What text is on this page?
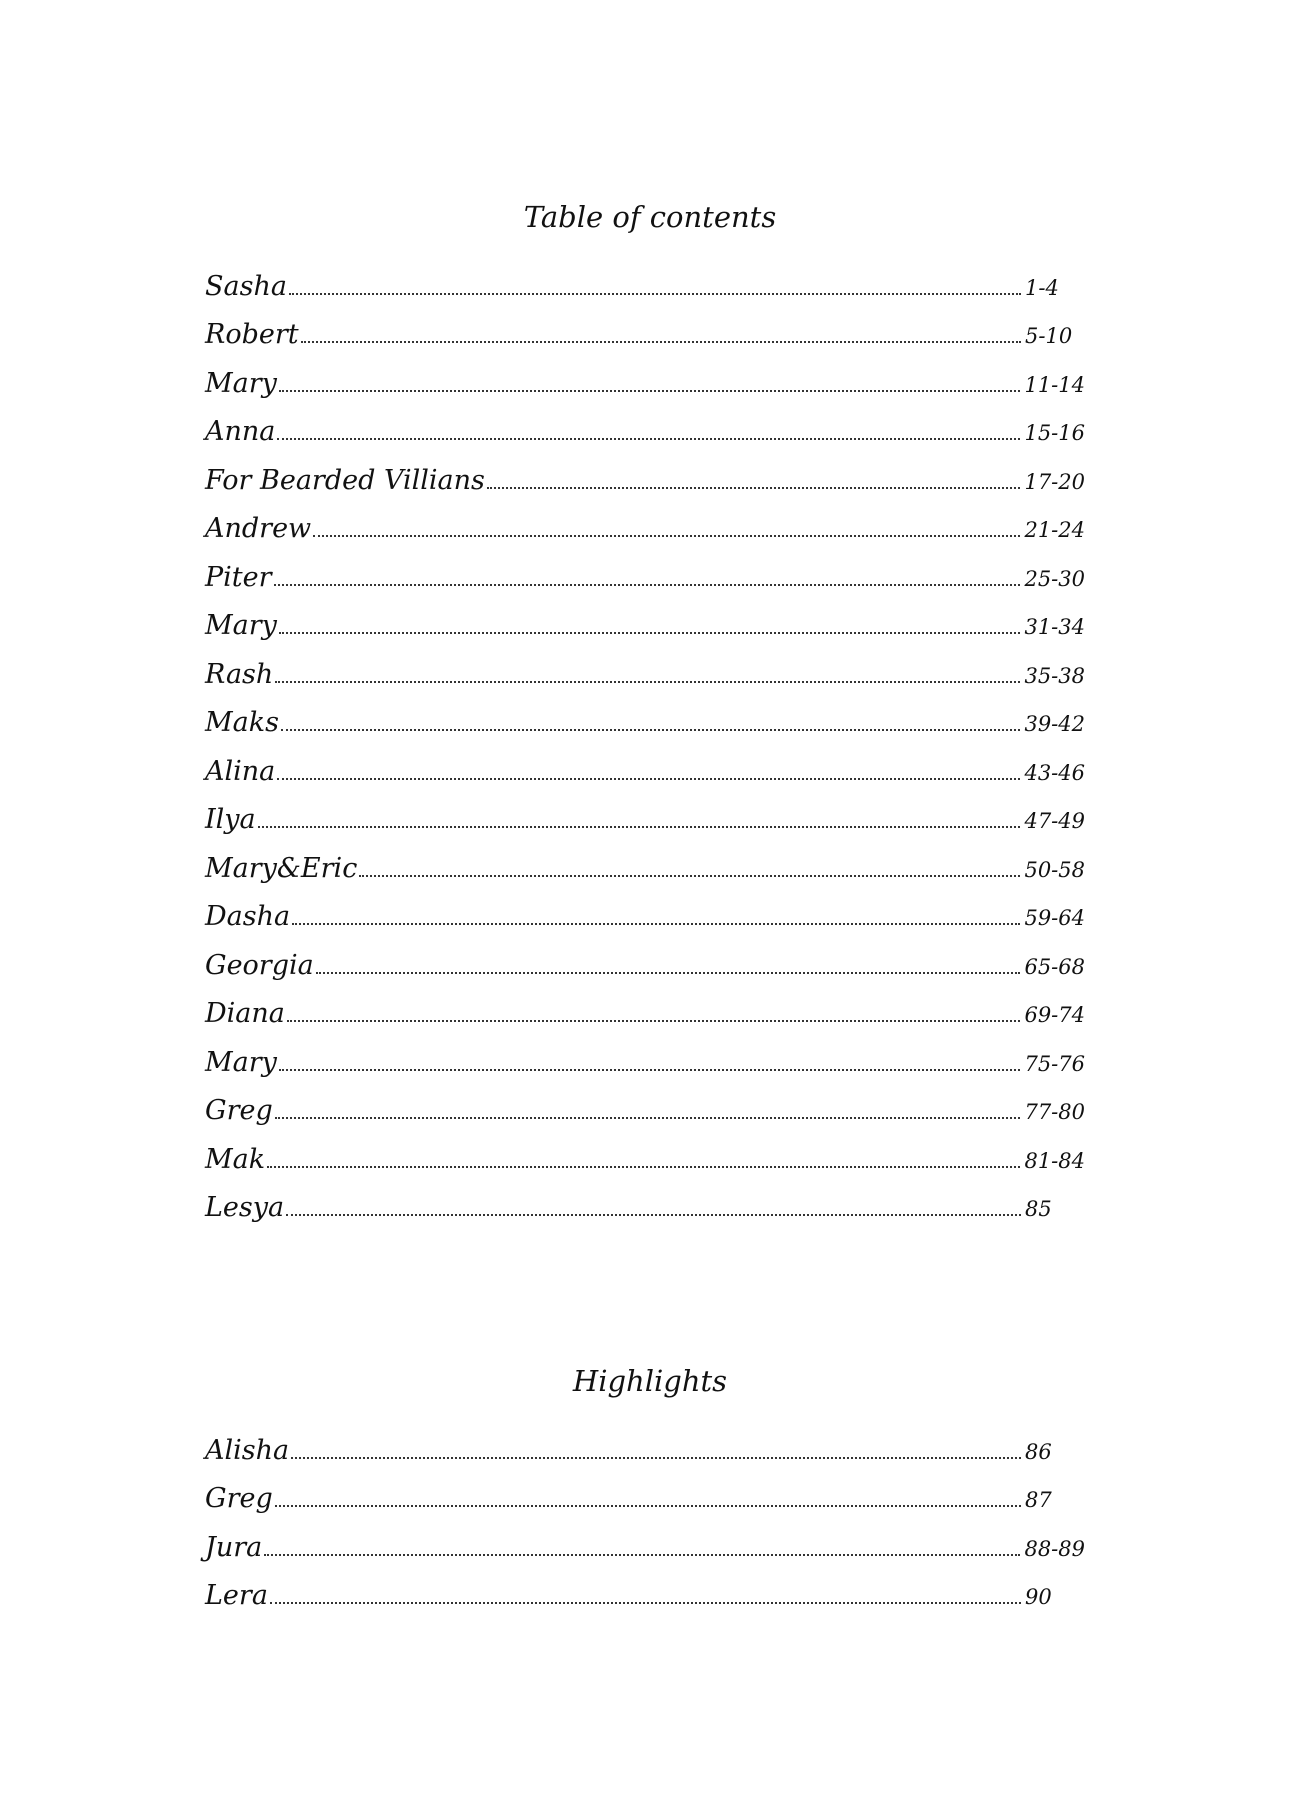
Table of contents
Sasha	1-4
Robert	5-10
Mary	11-14
Anna	15-16
For Bearded Villians	17-20
Andrew	21-24
Piter	25-30
Mary	31-34
Rash	35-38
Maks	39-42
Alina	43-46
Ilya	47-49
Mary&Eric	50-58
Dasha	59-64
Georgia	65-68
Diana	69-74
Mary	75-76
Greg	77-80
Mak	81-84
Lesya	85
Highlights
Alisha	86
Greg	87
Jura	88-89
Lera	90
